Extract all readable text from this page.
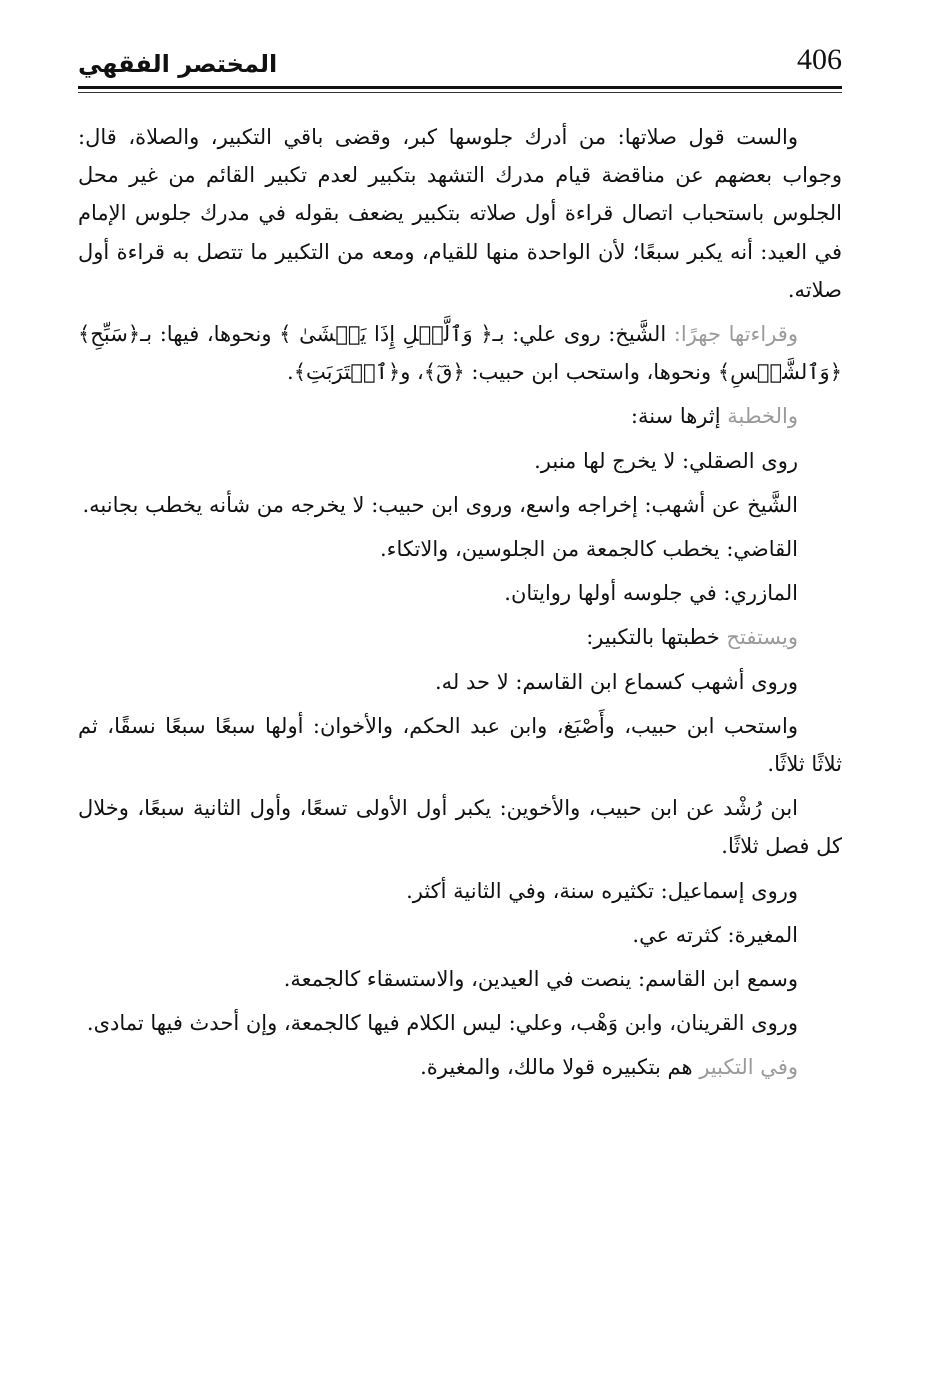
406
المختصر الفقهي

والست قول صلاتها: من أدرك جلوسها كبر، وقضى باقي التكبير، والصلاة، قال: وجواب بعضهم عن مناقضة قيام مدرك التشهد بتكبير لعدم تكبير القائم من غير محل الجلوس باستحباب اتصال قراءة أول صلاته بتكبير يضعف بقوله في مدرك جلوس الإمام في العيد: أنه يكبر سبعًا؛ لأن الواحدة منها للقيام، ومعه من التكبير ما تتصل به قراءة أول صلاته.

وقراءتها جهرًا: الشَّيخ: روى علي: بـ﴿ وَٱلَّيۡلِ إِذَا يَغۡشَىٰ ﴾ ونحوها، فيها: بـ﴿سَبِّحِ﴾ ﴿وَٱلشَّمۡسِ﴾ ونحوها، واستحب ابن حبيب: ﴿قٓ﴾، و﴿ٱقۡتَرَبَتِ﴾.

والخطبة إثرها سنة:

روى الصقلي: لا يخرج لها منبر.

الشَّيخ عن أشهب: إخراجه واسع، وروى ابن حبيب: لا يخرجه من شأنه يخطب بجانبه.

القاضي: يخطب كالجمعة من الجلوسين، والاتكاء.

المازري: في جلوسه أولها روايتان.

ويستفتح خطبتها بالتكبير:

وروى أشهب كسماع ابن القاسم: لا حد له.

واستحب ابن حبيب، وأَصْبَغ، وابن عبد الحكم، والأخوان: أولها سبعًا سبعًا نسقًا، ثم ثلاثًا ثلاثًا.

ابن رُشْد عن ابن حبيب، والأخوين: يكبر أول الأولى تسعًا، وأول الثانية سبعًا، وخلال كل فصل ثلاثًا.

وروى إسماعيل: تكثيره سنة، وفي الثانية أكثر.

المغيرة: كثرته عي.

وسمع ابن القاسم: ينصت في العيدين، والاستسقاء كالجمعة.

وروى القرينان، وابن وَهْب، وعلي: ليس الكلام فيها كالجمعة، وإن أحدث فيها تمادى.

وفي التكبير هم بتكبيره قولا مالك، والمغيرة.
